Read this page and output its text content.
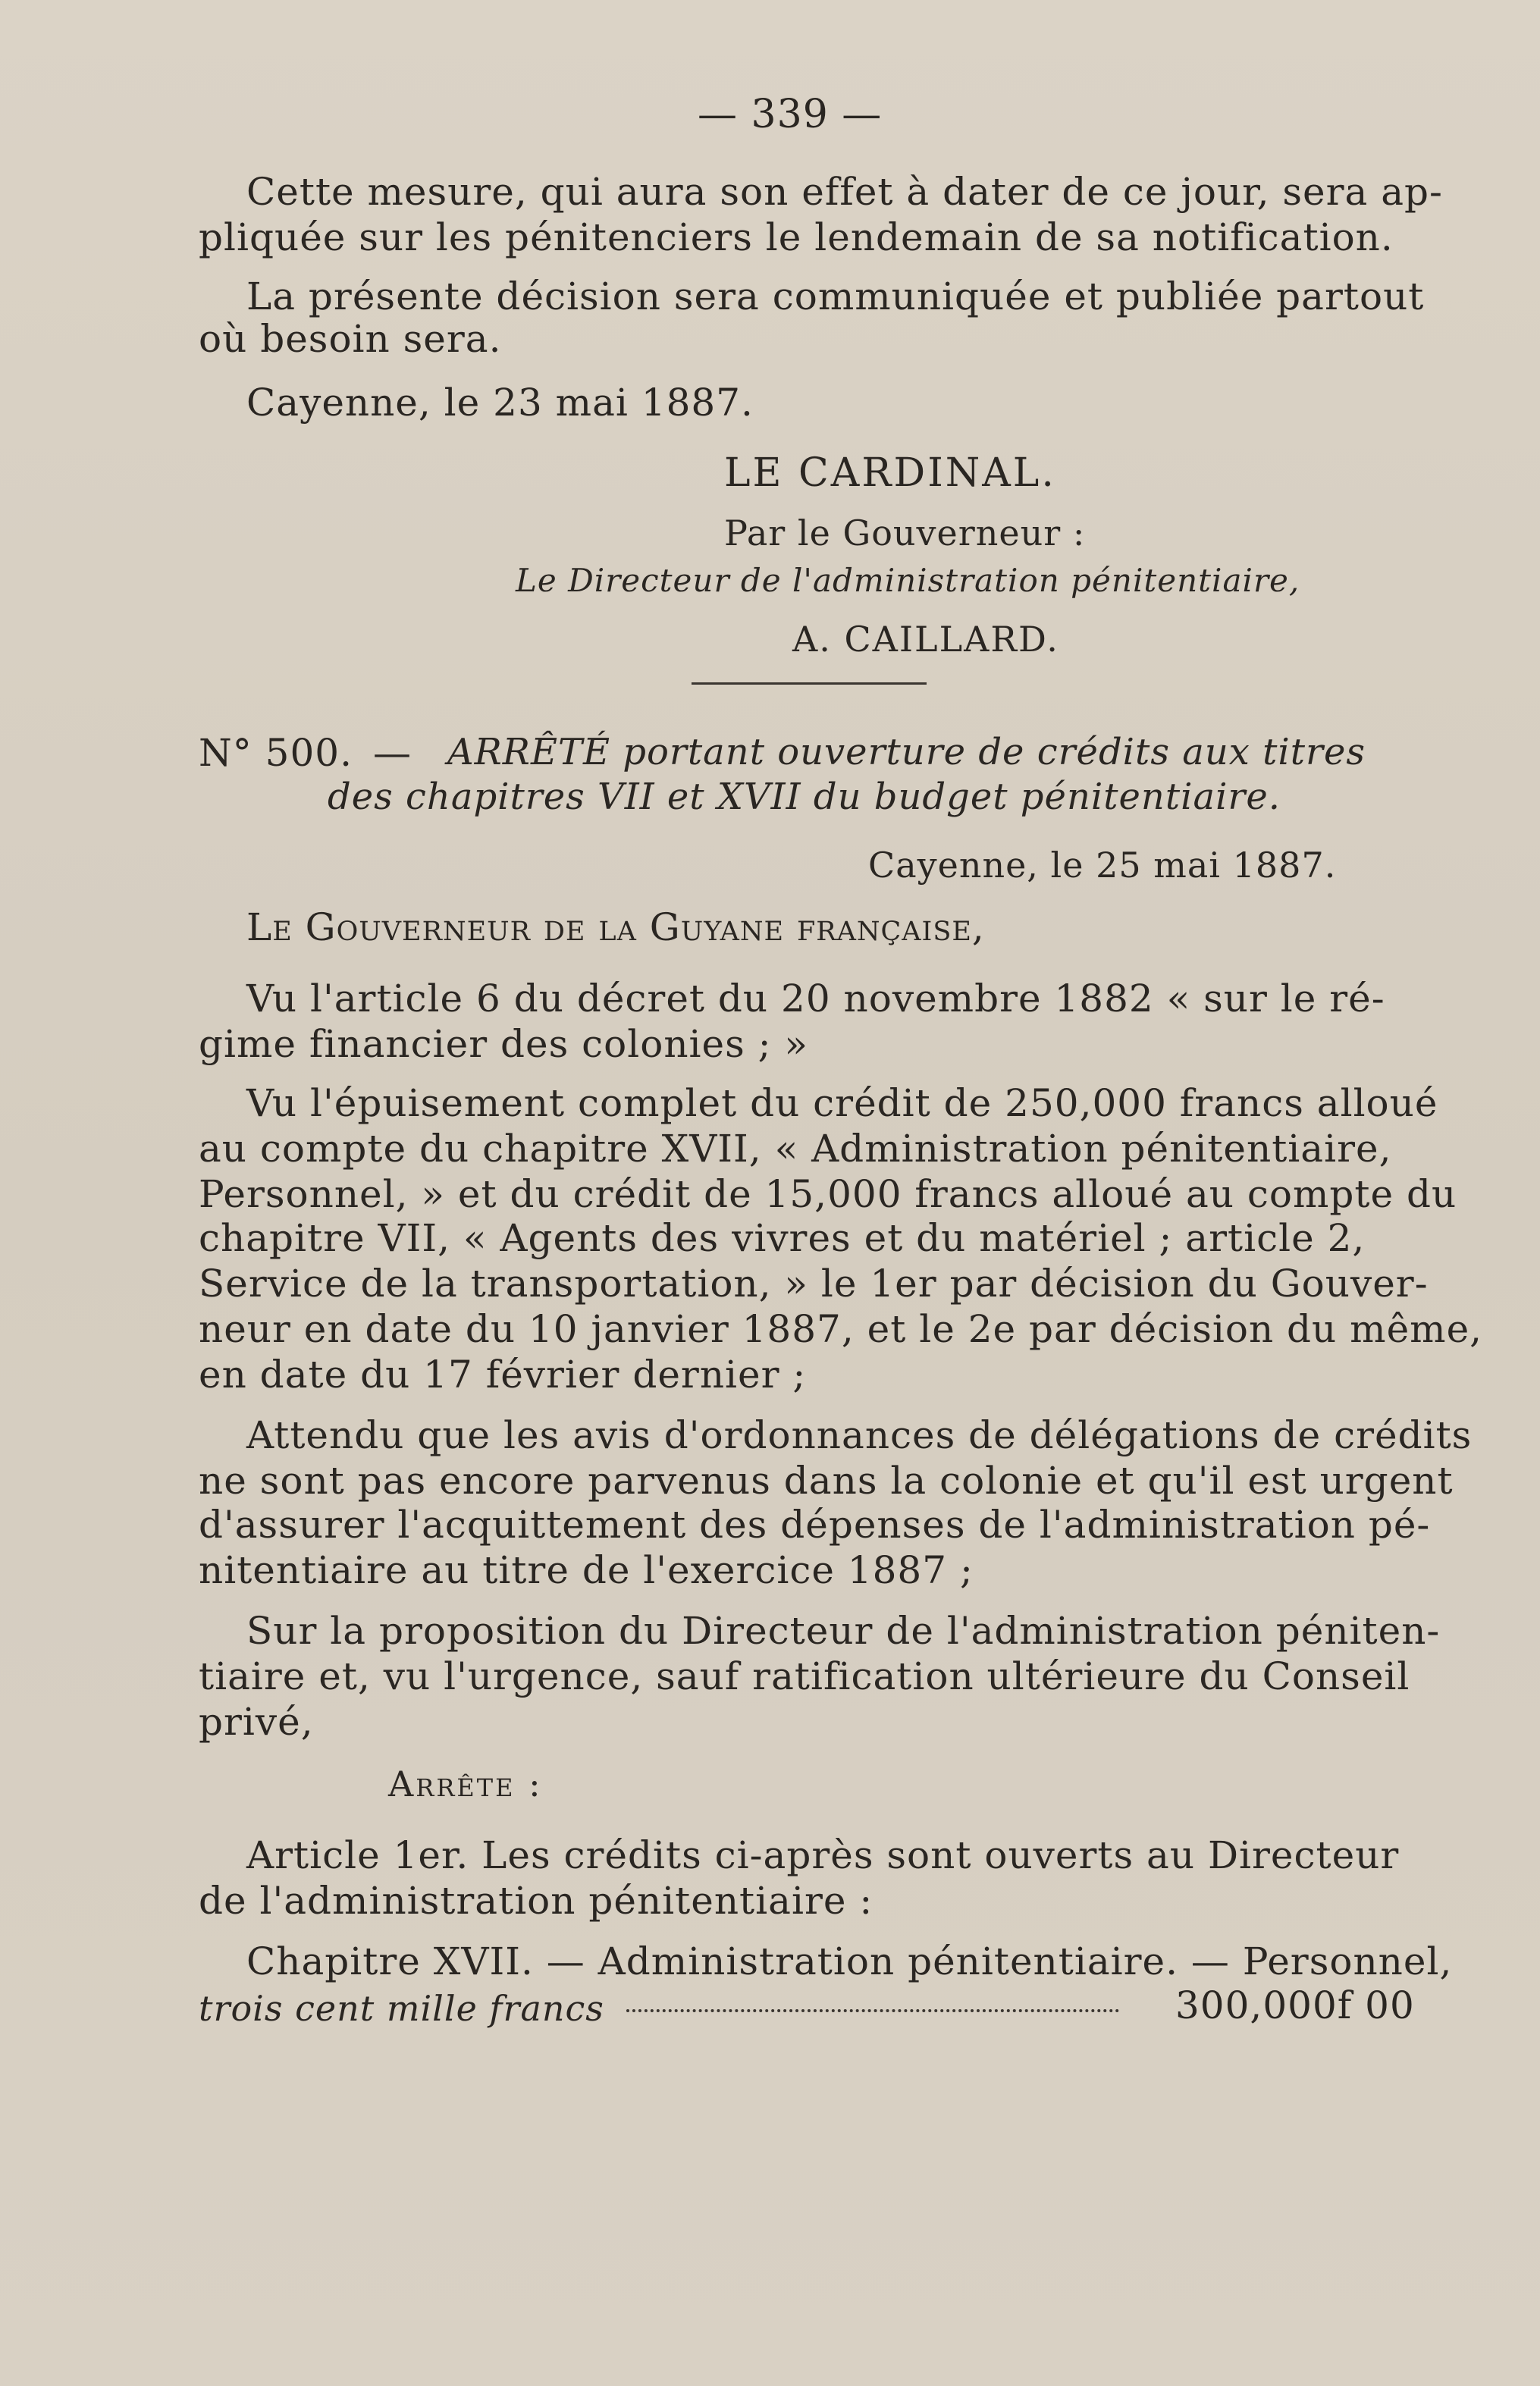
— 339 —
Cette mesure, qui aura son effet à dater de ce jour, sera ap-
pliquée sur les pénitenciers le lendemain de sa notification.
La présente décision sera communiquée et publiée partout
où besoin sera.
Cayenne, le 23 mai 1887.
LE CARDINAL.
Par le Gouverneur :
Le Directeur de l'administration pénitentiaire,
A. CAILLARD.
N° 500. — ARRÊTÉ portant ouverture de crédits aux titres
des chapitres VII et XVII du budget pénitentiaire.
Cayenne, le 25 mai 1887.
Le Gouverneur de la Guyane française,
Vu l'article 6 du décret du 20 novembre 1882 « sur le ré-
gime financier des colonies ; »
Vu l'épuisement complet du crédit de 250,000 francs alloué
au compte du chapitre XVII, « Administration pénitentiaire,
Personnel, » et du crédit de 15,000 francs alloué au compte du
chapitre VII, « Agents des vivres et du matériel ; article 2,
Service de la transportation, » le 1er par décision du Gouver-
neur en date du 10 janvier 1887, et le 2e par décision du même,
en date du 17 février dernier ;
Attendu que les avis d'ordonnances de délégations de crédits
ne sont pas encore parvenus dans la colonie et qu'il est urgent
d'assurer l'acquittement des dépenses de l'administration pé-
nitentiaire au titre de l'exercice 1887 ;
Sur la proposition du Directeur de l'administration péniten-
tiaire et, vu l'urgence, sauf ratification ultérieure du Conseil
privé,
Arrête :
Article 1er. Les crédits ci-après sont ouverts au Directeur
de l'administration pénitentiaire :
Chapitre XVII. — Administration pénitentiaire. — Personnel,
trois cent mille francs	300,000f 00
